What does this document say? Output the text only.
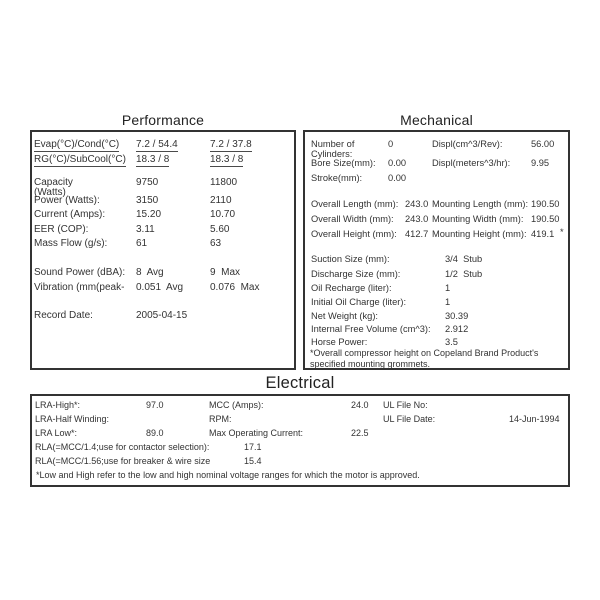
Performance
Evap(°C)/Cond(°C) 7.2 / 54.4	7.2 / 37.8
RG(°C)/SubCool(°C) 18.3 / 8	18.3 / 8
Capacity	9750	11800
(Watts)
Power (Watts):	3150	2110
Current (Amps):	15.20	10.70
EER (COP):	3.11	5.60
Mass Flow (g/s):	61	63
Sound Power (dBA): 8  Avg	9  Max
Vibration (mm(peak- 0.051  Avg	0.076  Max
Record Date:	2005-04-15
Mechanical
Number of	0	Displ(cm^3/Rev):	56.00
Cylinders:
Bore Size(mm): 0.00	Displ(meters^3/hr): 9.95
Stroke(mm):	0.00
Overall Length (mm): 243.0 Mounting Length (mm): 190.50
Overall Width (mm): 243.0 Mounting Width (mm): 190.50
Overall Height (mm): 412.7 Mounting Height (mm): 419.1 *
Suction Size (mm):	3/4  Stub
Discharge Size (mm):	1/2  Stub
Oil Recharge (liter):	1
Initial Oil Charge (liter):	1
Net Weight (kg):	30.39
Internal Free Volume (cm^3): 2.912
Horse Power:	3.5
*Overall compressor height on Copeland Brand Product's specified mounting grommets.
Electrical
LRA-High*:	97.0	MCC (Amps):	24.0 UL File No:
LRA-Half Winding:	RPM:	UL File Date:	14-Jun-1994
LRA Low*:	89.0	Max Operating Current:	22.5
RLA(=MCC/1.4;use for contactor selection):	17.1
RLA(=MCC/1.56;use for breaker & wire size	15.4
*Low and High refer to the low and high nominal voltage ranges for which the motor is approved.
